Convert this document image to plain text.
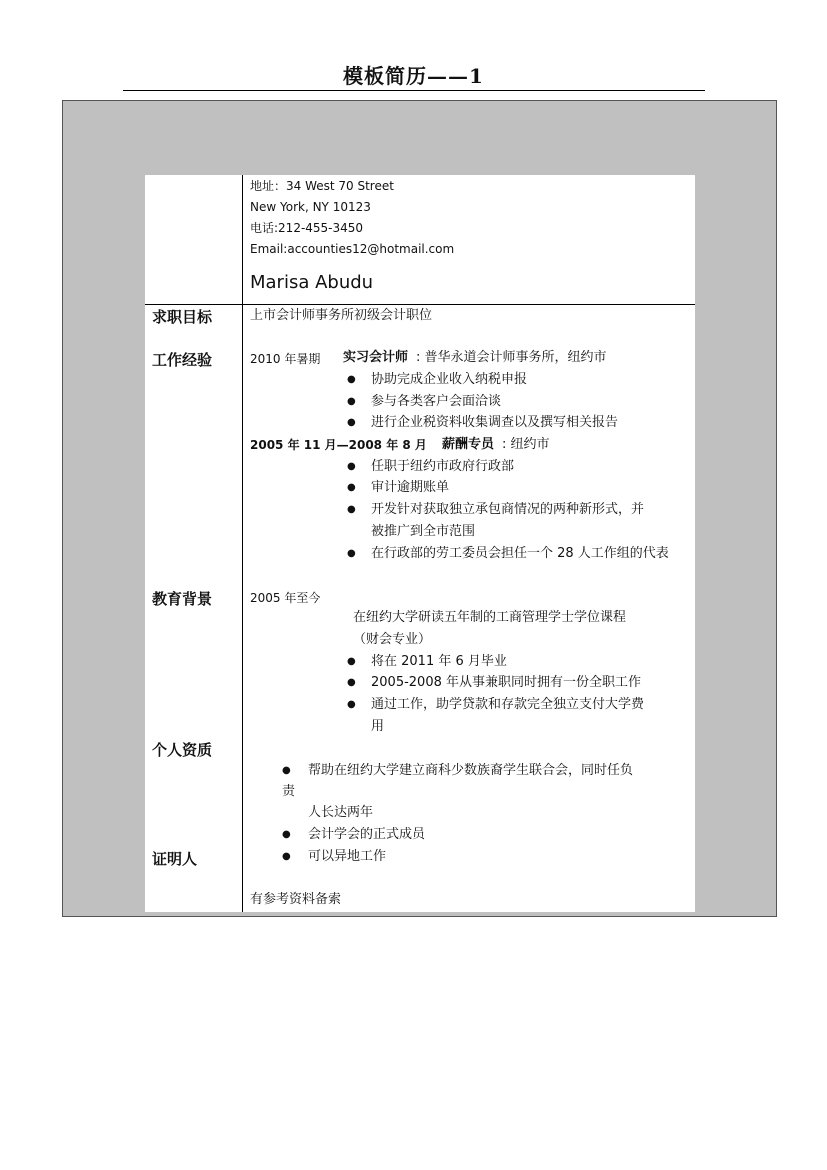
模板简历——1
地址：34 West 70 Street
New York, NY 10123
电话:212-455-3450
Email:accounties12@hotmail.com
Marisa Abudu
求职目标
工作经验
教育背景
个人资质
证明人
上市会计师事务所初级会计职位
2010 年暑期 实习会计师 : 普华永道会计师事务所，纽约市
● 协助完成企业收入纳税申报
● 参与各类客户会面洽谈
● 进行企业税资料收集调查以及撰写相关报告
2005 年 11 月—2008 年 8 月 薪酬专员 : 纽约市
● 任职于纽约市政府行政部
● 审计逾期账单
● 开发针对获取独立承包商情况的两种新形式，并
被推广到全市范围
● 在行政部的劳工委员会担任一个 28 人工作组的代表
2005 年至今
在纽约大学研读五年制的工商管理学士学位课程
（财会专业）
● 将在 2011 年 6 月毕业
● 2005-2008 年从事兼职同时拥有一份全职工作
● 通过工作，助学贷款和存款完全独立支付大学费
用
● 帮助在纽约大学建立商科少数族裔学生联合会，同时任负
责
人长达两年
● 会计学会的正式成员
● 可以异地工作
有参考资料备索
